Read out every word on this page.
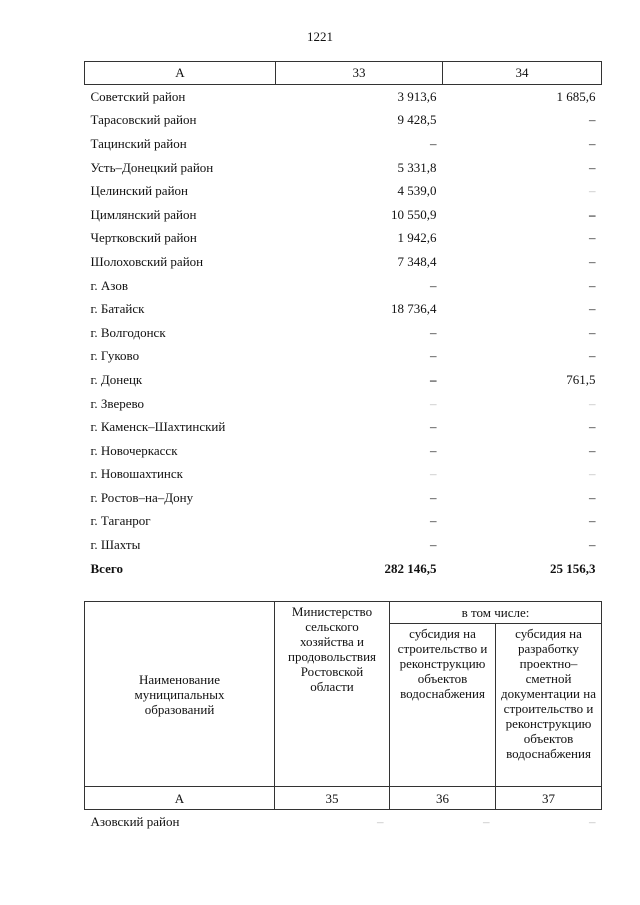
1221
А	33	34
Советский район	3 913,6	1 685,6
Тарасовский район	9 428,5	–
Тацинский район	–	–
Усть–Донецкий район	5 331,8	–
Целинский район	4 539,0	–
Цимлянский район	10 550,9	–
Чертковский район	1 942,6	–
Шолоховский район	7 348,4	–
г. Азов	–	–
г. Батайск	18 736,4	–
г. Волгодонск	–	–
г. Гуково	–	–
г. Донецк	–	761,5
г. Зверево	–	–
г. Каменск–Шахтинский	–	–
г. Новочеркасск	–	–
г. Новошахтинск	–	–
г. Ростов–на–Дону	–	–
г. Таганрог	–	–
г. Шахты	–	–
Всего	282 146,5	25 156,3
Наименование муниципальных образований	Министерство сельского хозяйства и продовольствия Ростовской области	в том числе:	
		субсидия на строительство и реконструкцию объектов водоснабжения	субсидия на разработку проектно–сметной документации на строительство и реконструкцию объектов водоснабжения
А	35	36	37
Азовский район	–	–	–
